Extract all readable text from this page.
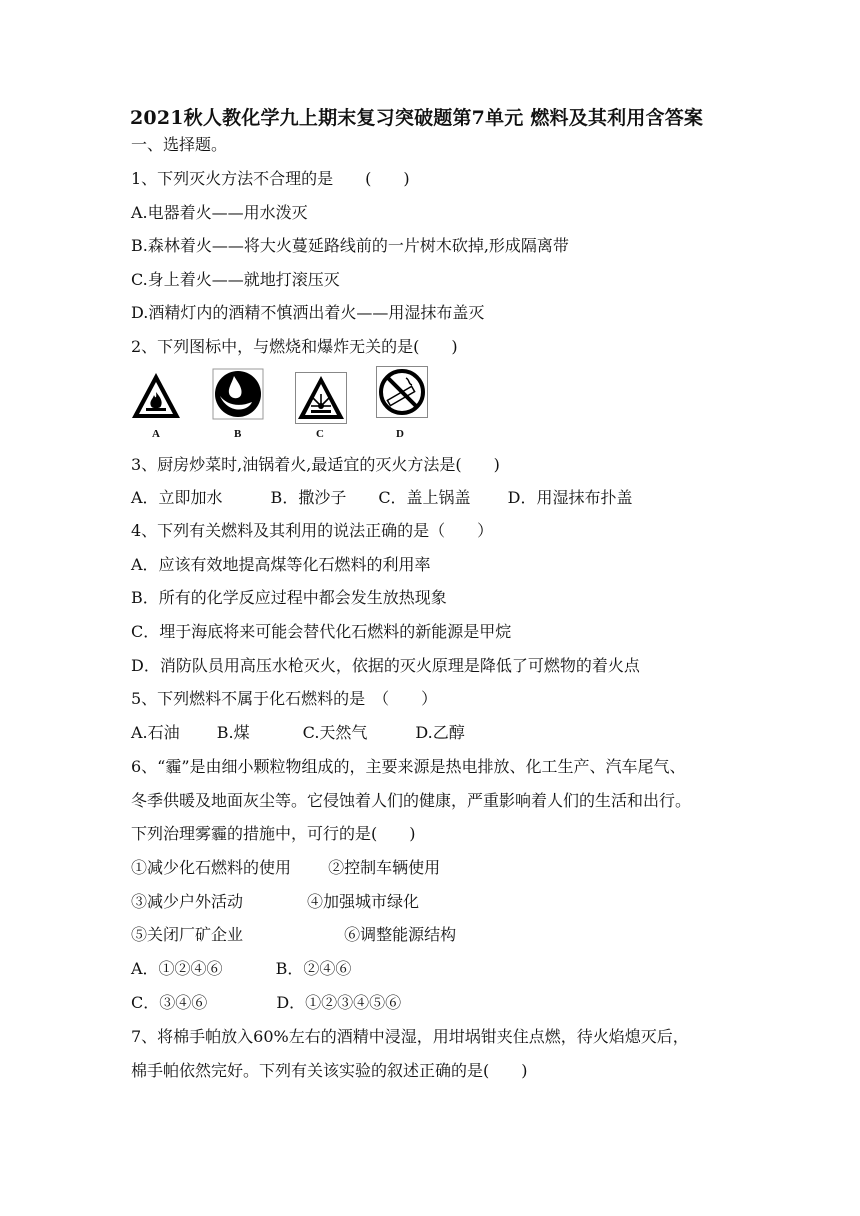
2021秋人教化学九上期末复习突破题第7单元 燃料及其利用含答案
一、选择题。
1、下列灭火方法不合理的是　　(　　)
A.电器着火——用水泼灭
B.森林着火——将大火蔓延路线前的一片树木砍掉,形成隔离带
C.身上着火——就地打滚压灭
D.酒精灯内的酒精不慎洒出着火——用湿抹布盖灭
2、下列图标中，与燃烧和爆炸无关的是(　　)
A	B	C	D
3、厨房炒菜时,油锅着火,最适宜的灭火方法是(　　)
A．立即加水　　　B．撒沙子　　C．盖上锅盖　　 D．用湿抹布扑盖
4、下列有关燃料及其利用的说法正确的是（　　）
A．应该有效地提高煤等化石燃料的利用率
B．所有的化学反应过程中都会发生放热现象
C．埋于海底将来可能会替代化石燃料的新能源是甲烷
D．消防队员用高压水枪灭火，依据的灭火原理是降低了可燃物的着火点
5、下列燃料不属于化石燃料的是　（　　）
A.石油　　 B.煤　　　 C.天然气　　　D.乙醇
6、“霾”是由细小颗粒物组成的，主要来源是热电排放、化工生产、汽车尾气、
冬季供暖及地面灰尘等。它侵蚀着人们的健康，严重影响着人们的生活和出行。
下列治理雾霾的措施中，可行的是(　　)
①减少化石燃料的使用　　 ②控制车辆使用
③减少户外活动　　　　④加强城市绿化
⑤关闭厂矿企业　　　　　　 ⑥调整能源结构
A．①②④⑥　　　 B．②④⑥
C．③④⑥　　　　 D．①②③④⑤⑥
7、将棉手帕放入60%左右的酒精中浸湿，用坩埚钳夹住点燃，待火焰熄灭后，
棉手帕依然完好。下列有关该实验的叙述正确的是(　　)
